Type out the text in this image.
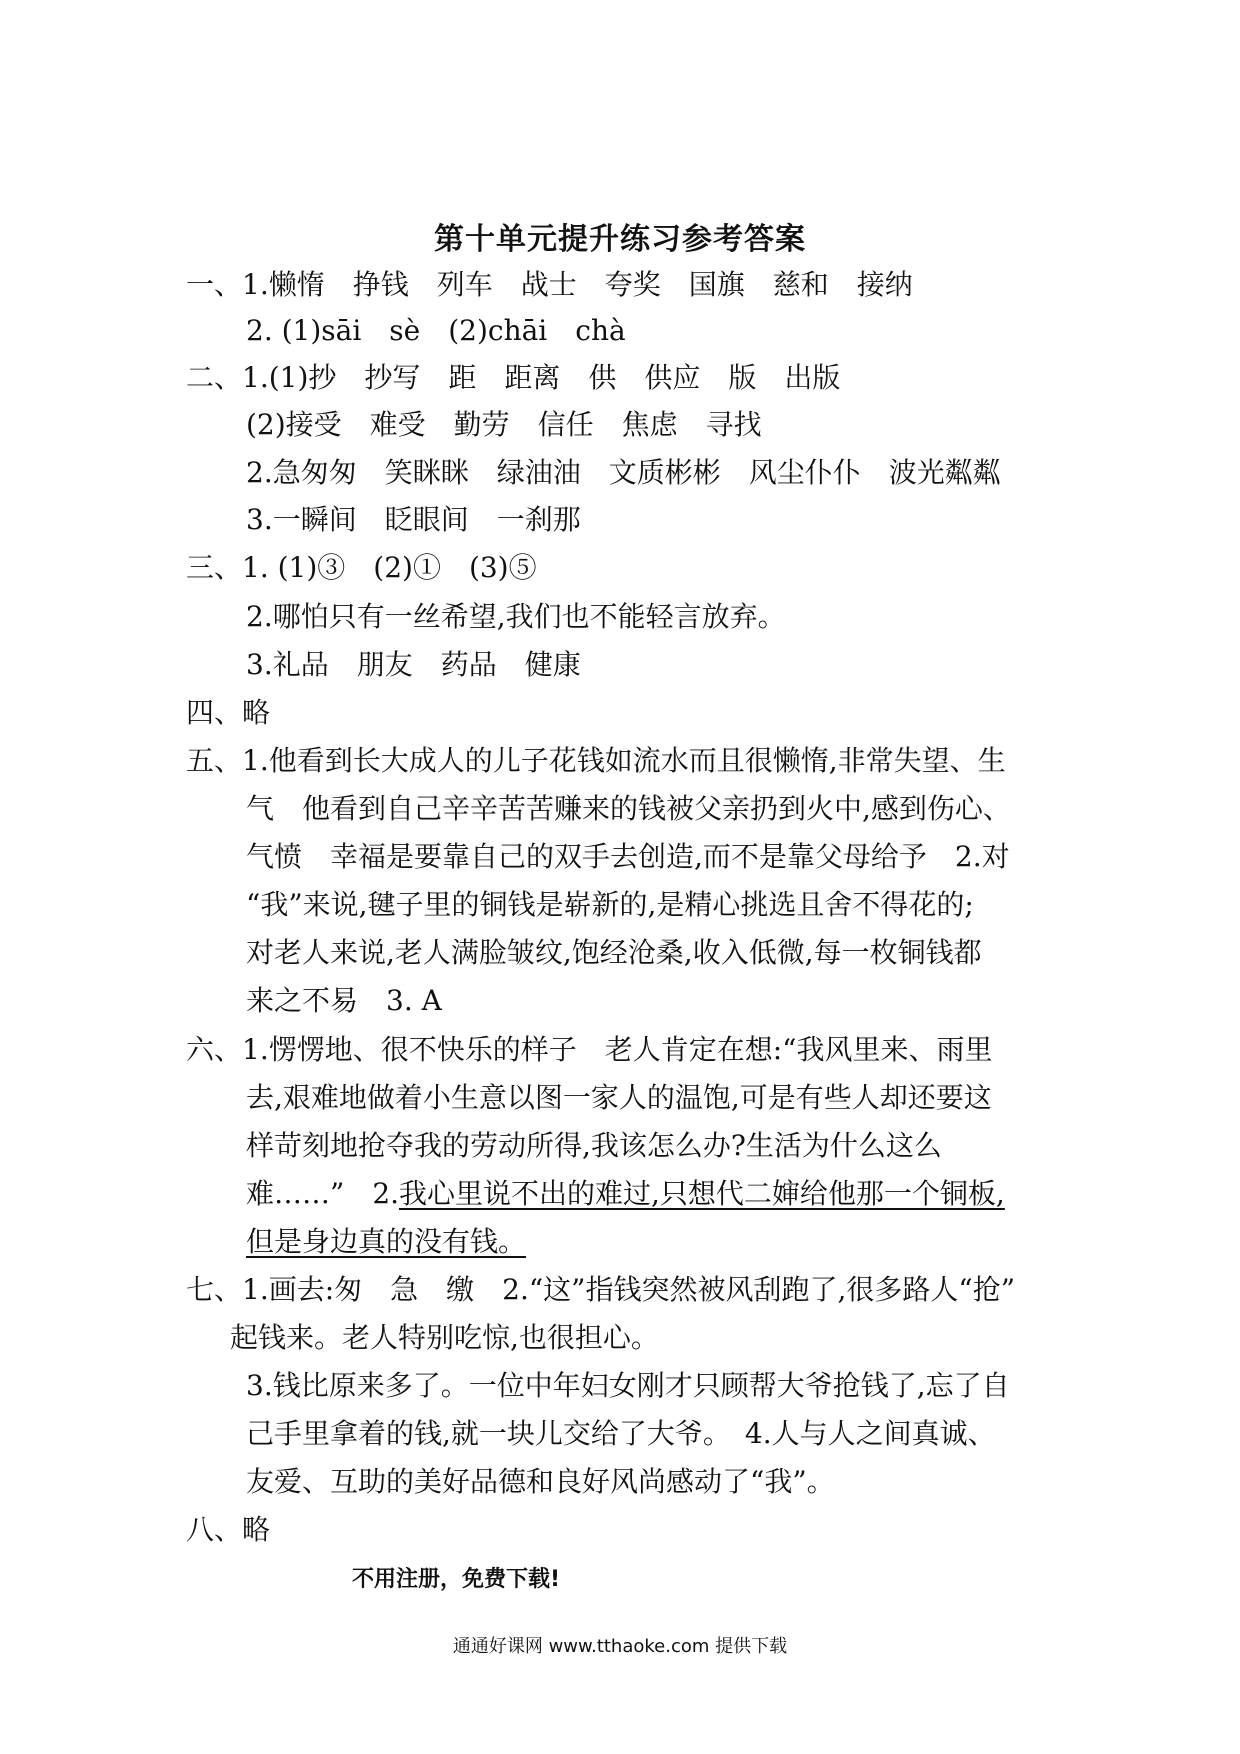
第十单元提升练习参考答案
一、1.懒惰　挣钱　列车　战士　夸奖　国旗　慈和　接纳
2. (1)sāi　sè　(2)chāi　chà
二、1.(1)抄　抄写　距　距离　供　供应　版　出版
(2)接受　难受　勤劳　信任　焦虑　寻找
2.急匆匆　笑眯眯　绿油油　文质彬彬　风尘仆仆　波光粼粼
3.一瞬间　眨眼间　一刹那
三、1. (1)③　(2)①　(3)⑤
2.哪怕只有一丝希望,我们也不能轻言放弃。
3.礼品　朋友　药品　健康
四、略
五、1.他看到长大成人的儿子花钱如流水而且很懒惰,非常失望、生
气　他看到自己辛辛苦苦赚来的钱被父亲扔到火中,感到伤心、
气愤　幸福是要靠自己的双手去创造,而不是靠父母给予　2.对
“我”来说,毽子里的铜钱是崭新的,是精心挑选且舍不得花的;
对老人来说,老人满脸皱纹,饱经沧桑,收入低微,每一枚铜钱都
来之不易　3. A
六、1.愣愣地、很不快乐的样子　老人肯定在想:“我风里来、雨里
去,艰难地做着小生意以图一家人的温饱,可是有些人却还要这
样苛刻地抢夺我的劳动所得,我该怎么办?生活为什么这么
难……”　2.我心里说不出的难过,只想代二婶给他那一个铜板,
但是身边真的没有钱。
七、1.画去:匆　急　缴　2.“这”指钱突然被风刮跑了,很多路人“抢”
起钱来。老人特别吃惊,也很担心。
3.钱比原来多了。一位中年妇女刚才只顾帮大爷抢钱了,忘了自
己手里拿着的钱,就一块儿交给了大爷。　4.人与人之间真诚、
友爱、互助的美好品德和良好风尚感动了“我”。
八、略
不用注册，免费下载!
通通好课网 www.tthaoke.com 提供下载
